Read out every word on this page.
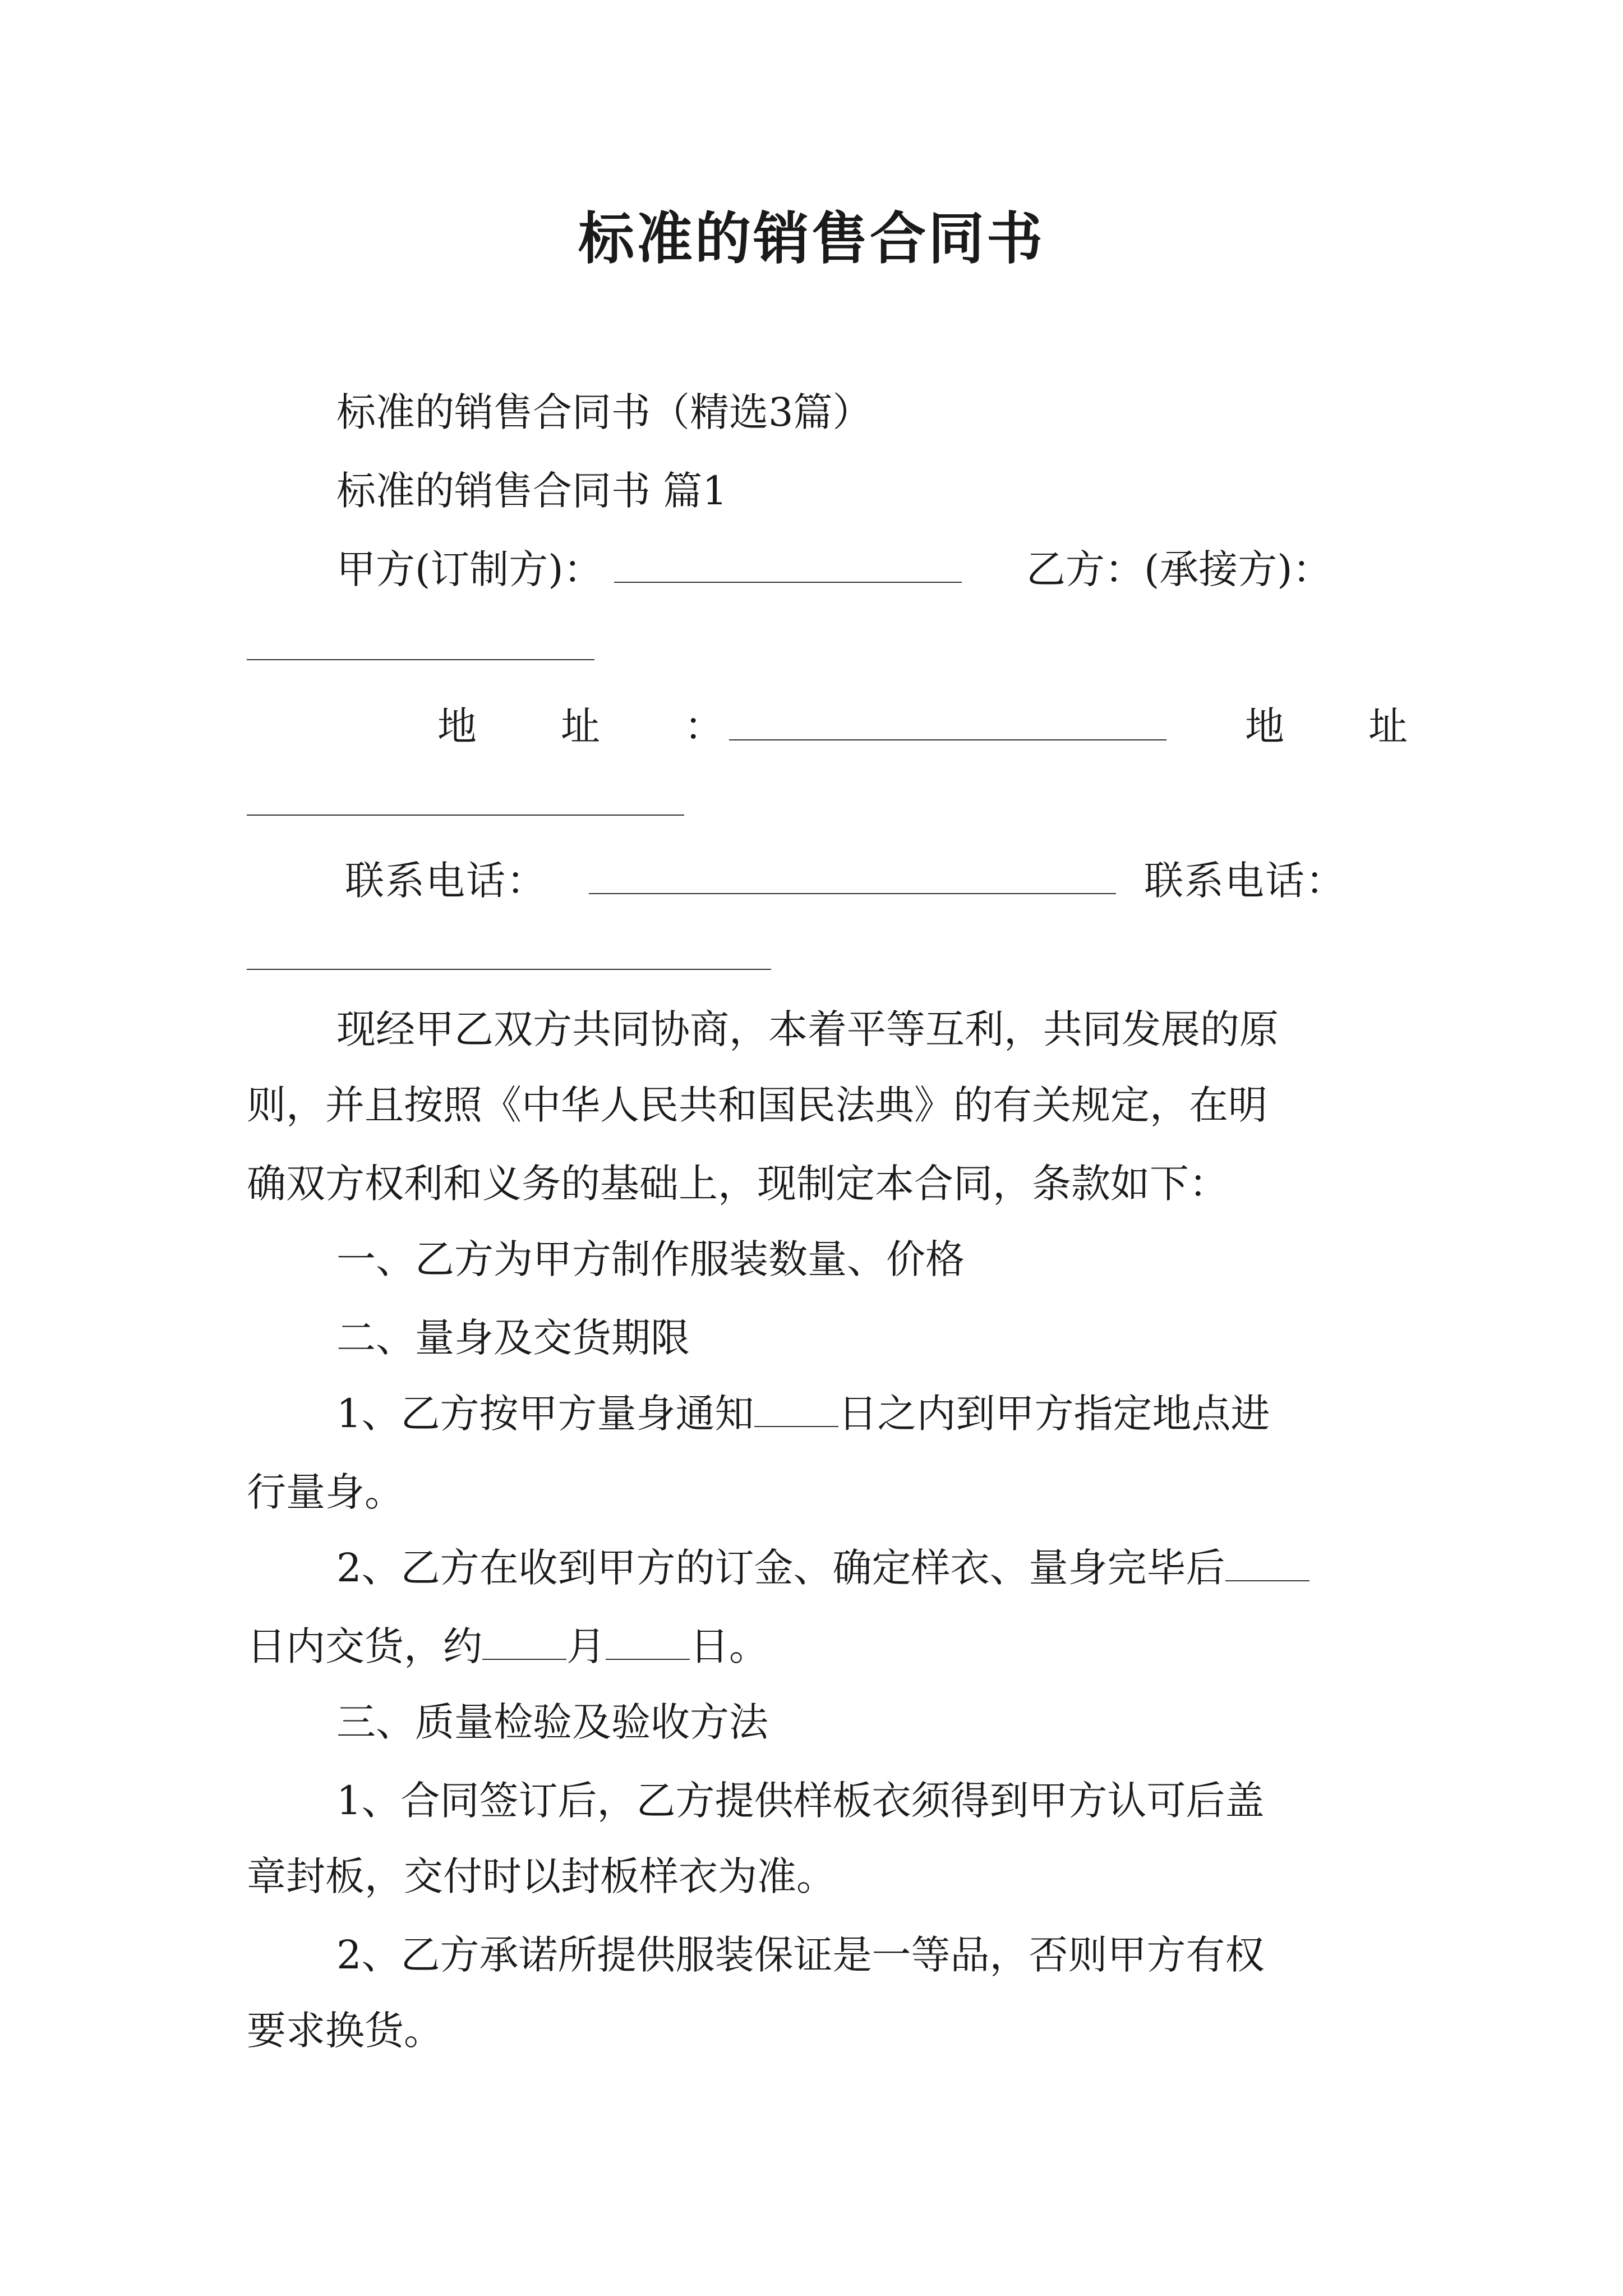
标准的销售合同书
标准的销售合同书（精选3篇）
标准的销售合同书 篇1
甲方(订制方)：	乙方：(承接方)：
地　址　：	地　址
联系电话：	联系电话：
现经甲乙双方共同协商，本着平等互利，共同发展的原
则，并且按照《中华人民共和国民法典》的有关规定，在明
确双方权利和义务的基础上，现制定本合同，条款如下：
一、乙方为甲方制作服装数量、价格
二、量身及交货期限
1、乙方按甲方量身通知 日之内到甲方指定地点进
行量身。
2、乙方在收到甲方的订金、确定样衣、量身完毕后
日内交货，约 月 日。
三、质量检验及验收方法
1、合同签订后，乙方提供样板衣须得到甲方认可后盖
章封板，交付时以封板样衣为准。
2、乙方承诺所提供服装保证是一等品，否则甲方有权
要求换货。
